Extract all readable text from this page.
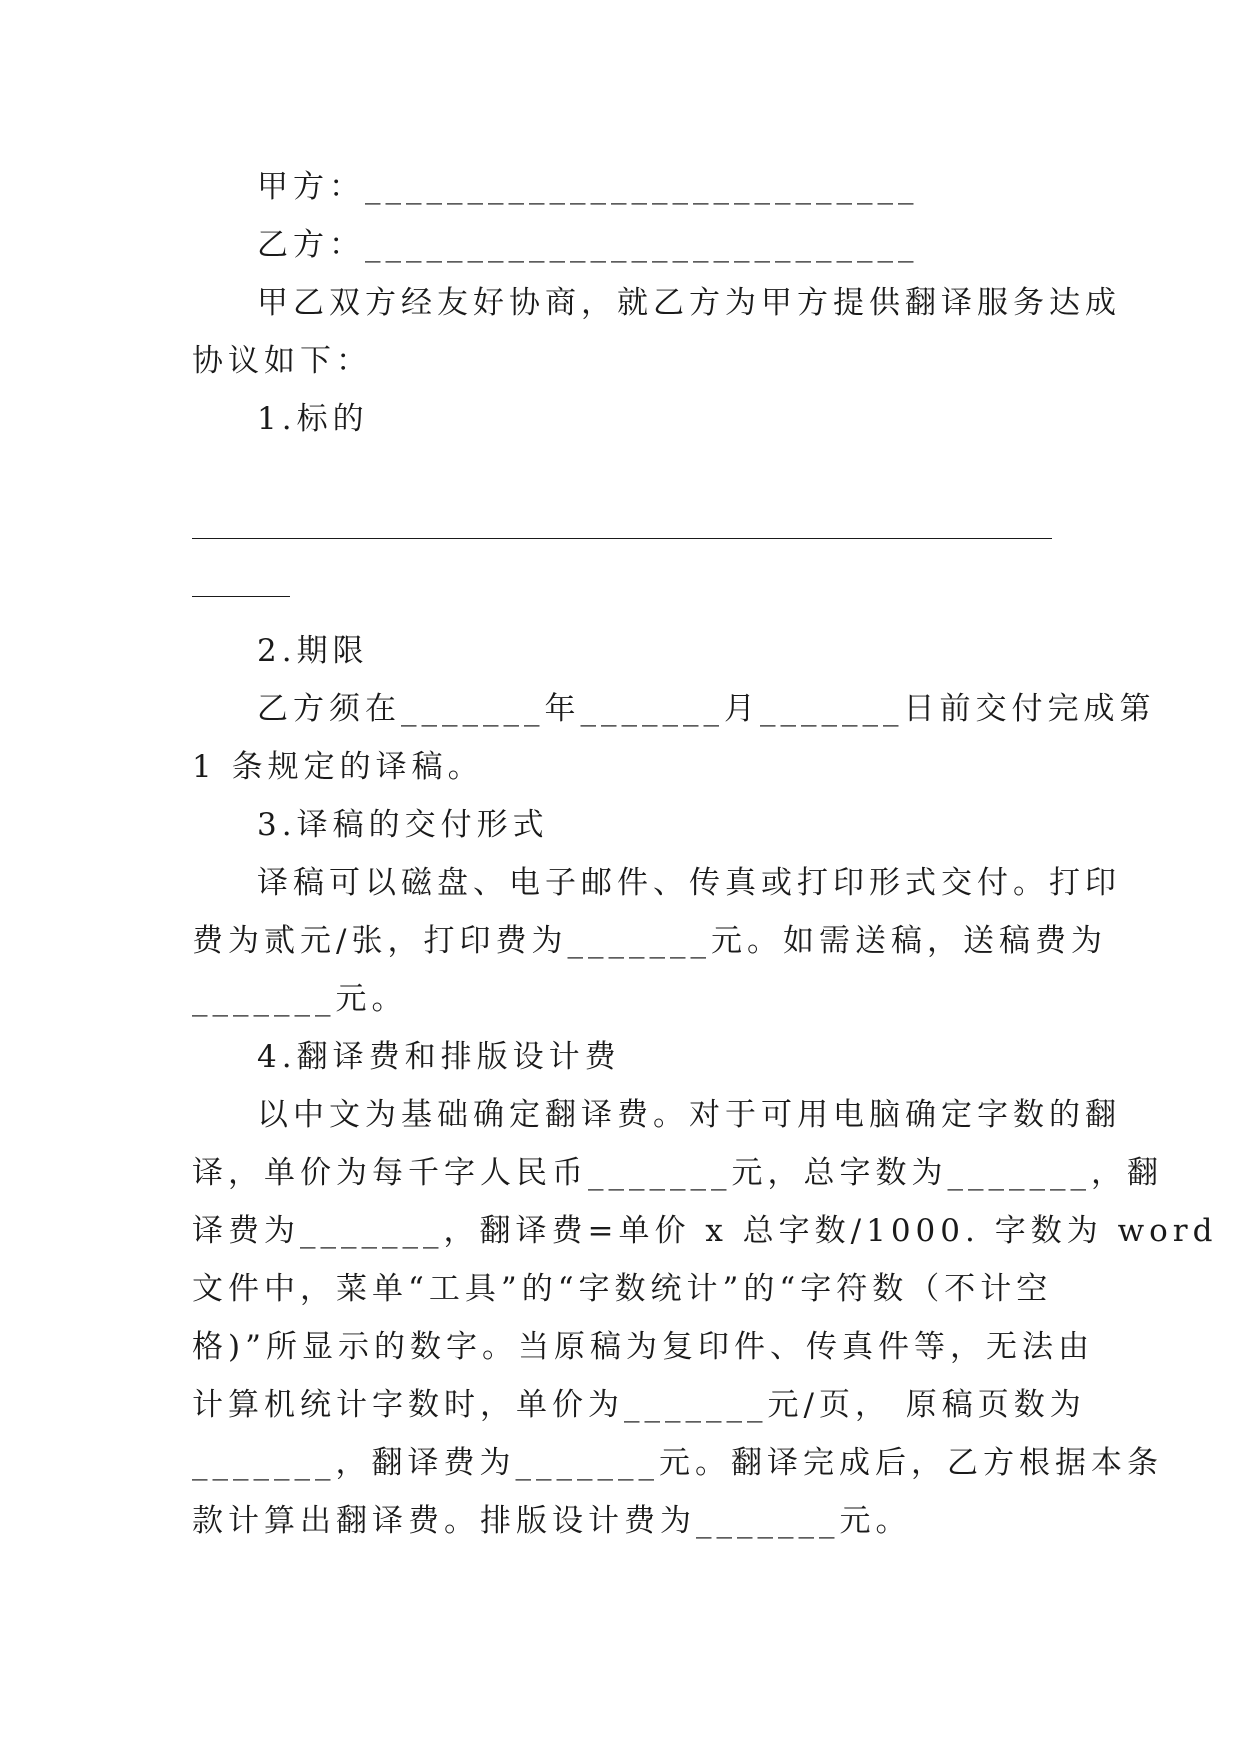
甲方：___________________________
乙方：___________________________
甲乙双方经友好协商，就乙方为甲方提供翻译服务达成
协议如下：
1.标的
2.期限
乙方须在_______年_______月_______日前交付完成第
1 条规定的译稿。
3.译稿的交付形式
译稿可以磁盘、电子邮件、传真或打印形式交付。打印
费为贰元/张，打印费为_______元。如需送稿，送稿费为
_______元。
4.翻译费和排版设计费
以中文为基础确定翻译费。对于可用电脑确定字数的翻
译，单价为每千字人民币_______元，总字数为_______，翻
译费为_______，翻译费=单价 x 总字数/1000. 字数为 word
文件中，菜单“工具”的“字数统计”的“字符数（不计空
格)”所显示的数字。当原稿为复印件、传真件等，无法由
计算机统计字数时，单价为_______元/页， 原稿页数为
_______，翻译费为_______元。翻译完成后，乙方根据本条
款计算出翻译费。排版设计费为_______元。
